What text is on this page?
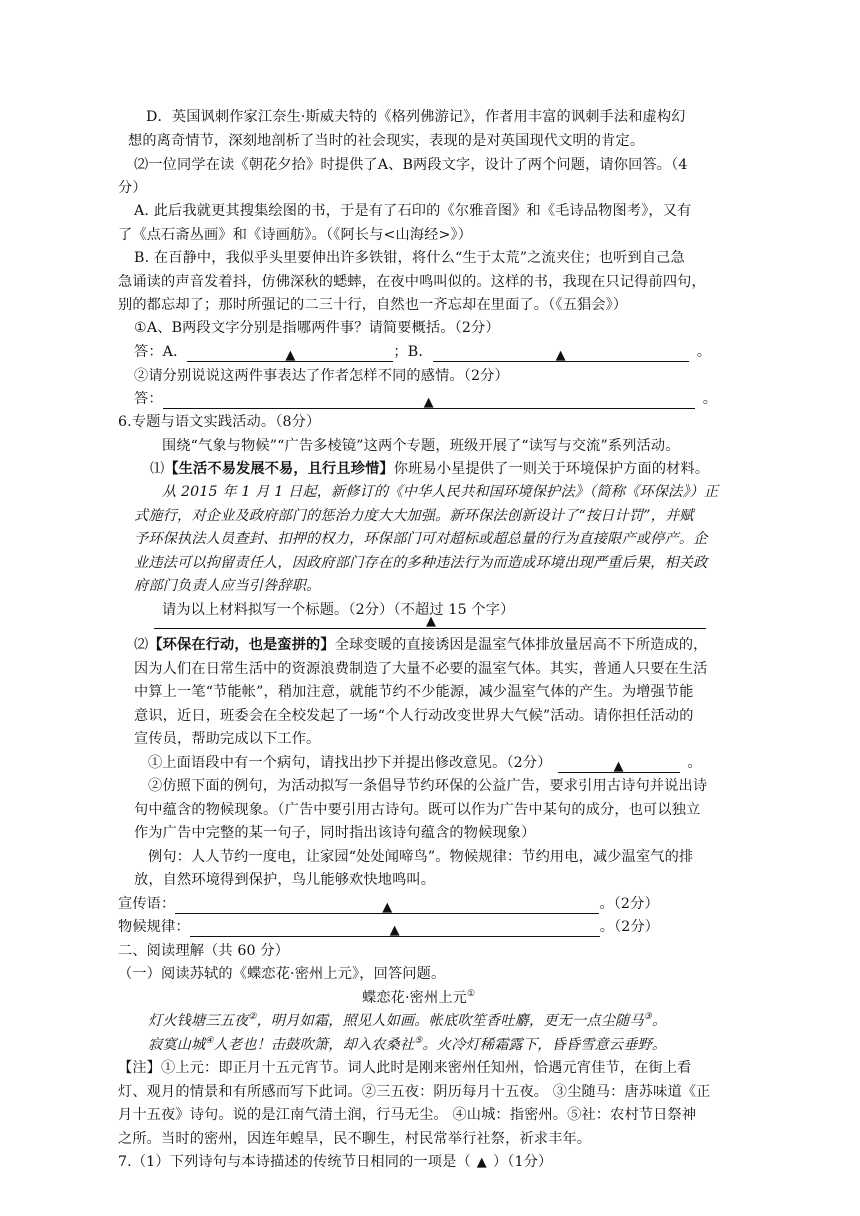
D．英国讽刺作家江奈生·斯威夫特的《格列佛游记》，作者用丰富的讽刺手法和虚构幻
想的离奇情节，深刻地剖析了当时的社会现实，表现的是对英国现代文明的肯定。
⑵一位同学在读《朝花夕拾》时提供了A、B两段文字，设计了两个问题，请你回答。（4
分）
A. 此后我就更其搜集绘图的书，于是有了石印的《尔雅音图》和《毛诗品物图考》，又有
了《点石斋丛画》和《诗画舫》。（《阿长与<山海经>》）
B. 在百静中，我似乎头里要伸出许多铁钳，将什么“生于太荒”之流夹住；也听到自己急
急诵读的声音发着抖，仿佛深秋的蟋蟀，在夜中鸣叫似的。这样的书，我现在只记得前四句，
别的都忘却了；那时所强记的二三十行，自然也一齐忘却在里面了。（《五猖会》）
①A、B两段文字分别是指哪两件事？请简要概括。（2分）
答：A．	▲	；B．	▲	。
②请分别说说这两件事表达了作者怎样不同的感情。（2分）
答：	▲	。
6.专题与语文实践活动。（8分）
围绕“气象与物候”“广告多棱镜”这两个专题，班级开展了“读写与交流”系列活动。
⑴【生活不易发展不易，且行且珍惜】你班易小星提供了一则关于环境保护方面的材料。
从 2015 年 1 月 1 日起，新修订的《中华人民共和国环境保护法》（简称《环保法》）正
式施行，对企业及政府部门的惩治力度大大加强。新环保法创新设计了“按日计罚”，并赋
予环保执法人员查封、扣押的权力，环保部门可对超标或超总量的行为直接限产或停产。企
业违法可以拘留责任人，因政府部门存在的多种违法行为而造成环境出现严重后果，相关政
府部门负责人应当引咎辞职。
请为以上材料拟写一个标题。（2分）（不超过 15 个字）
▲
⑵【环保在行动，也是蛮拼的】全球变暖的直接诱因是温室气体排放量居高不下所造成的，
因为人们在日常生活中的资源浪费制造了大量不必要的温室气体。其实，普通人只要在生活
中算上一笔“节能帐”，稍加注意，就能节约不少能源，减少温室气体的产生。为增强节能
意识，近日，班委会在全校发起了一场“个人行动改变世界大气候”活动。请你担任活动的
宣传员，帮助完成以下工作。
①上面语段中有一个病句，请找出抄下并提出修改意见。（2分）	▲	。
②仿照下面的例句，为活动拟写一条倡导节约环保的公益广告，要求引用古诗句并说出诗
句中蕴含的物候现象。（广告中要引用古诗句。既可以作为广告中某句的成分，也可以独立
作为广告中完整的某一句子，同时指出该诗句蕴含的物候现象）
例句：人人节约一度电，让家园“处处闻啼鸟”。物候规律：节约用电，减少温室气的排
放，自然环境得到保护，鸟儿能够欢快地鸣叫。
宣传语：	▲	。（2分）
物候规律：	▲	。（2分）
二、阅读理解（共 60 分）
（一）阅读苏轼的《蝶恋花·密州上元》，回答问题。
蝶恋花·密州上元①
灯火钱塘三五夜②，明月如霜，照见人如画。帐底吹笙香吐麝，更无一点尘随马③。
寂寞山城④人老也！击鼓吹箫，却入农桑社⑤。火冷灯稀霜露下，昏昏雪意云垂野。
【注】①上元：即正月十五元宵节。词人此时是刚来密州任知州，恰遇元宵佳节，在街上看
灯、观月的情景和有所感而写下此词。②三五夜：阴历每月十五夜。 ③尘随马：唐苏味道《正
月十五夜》诗句。说的是江南气清土润，行马无尘。 ④山城：指密州。⑤社：农村节日祭神
之所。当时的密州，因连年蝗旱，民不聊生，村民常举行社祭，祈求丰年。
7.（1）下列诗句与本诗描述的传统节日相同的一项是（ ▲ ）（1分）
